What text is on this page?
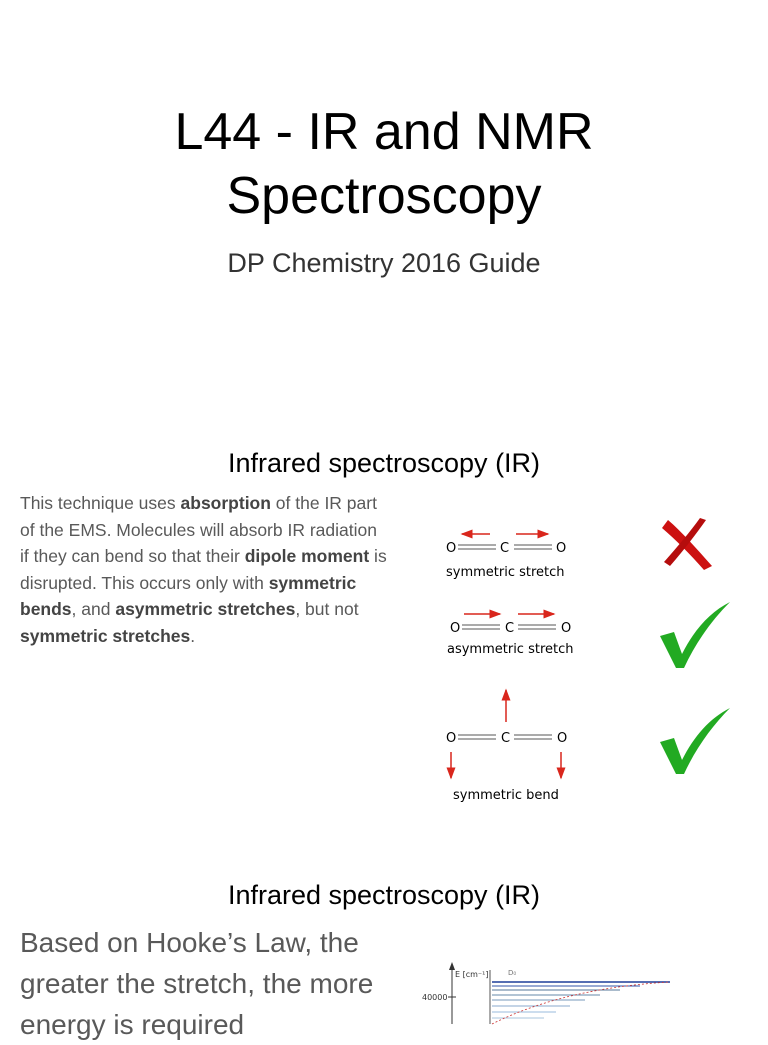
L44 - IR and NMR
Spectroscopy
DP Chemistry 2016 Guide
Infrared spectroscopy (IR)
This technique uses absorption of the IR part of the EMS. Molecules will absorb IR radiation if they can bend so that their dipole moment is disrupted. This occurs only with symmetric bends, and asymmetric stretches, but not symmetric stretches.
O	C	O
symmetric stretch
O	C	O
asymmetric stretch
O	C	O
symmetric bend
Infrared spectroscopy (IR)
Based on Hooke’s Law, the greater the stretch, the more energy is required
E [cm⁻¹]
40000
D₀
